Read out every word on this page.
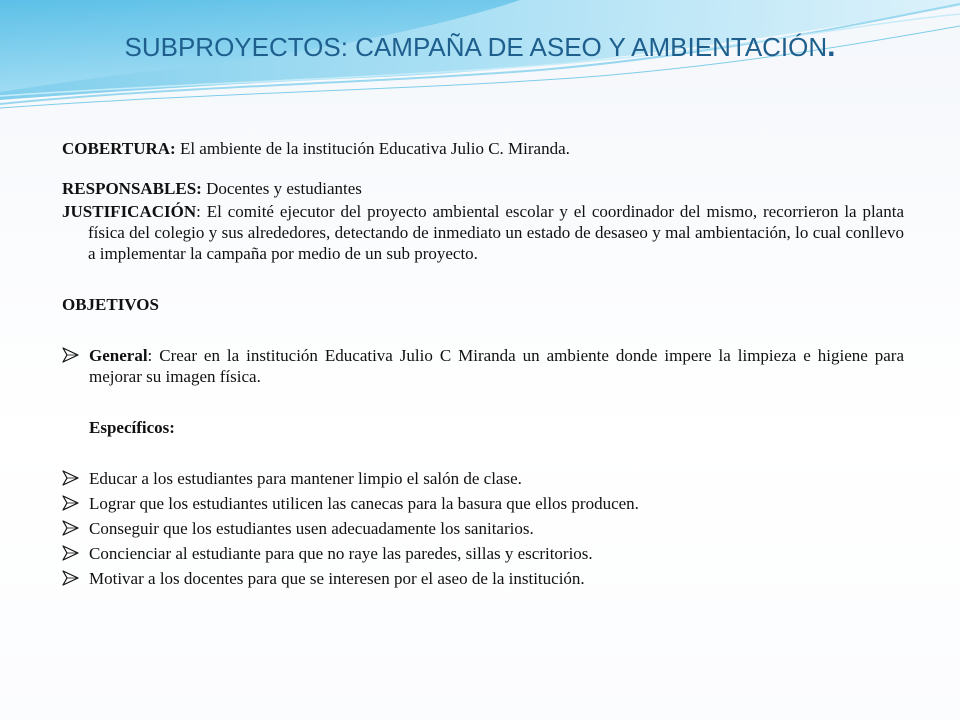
SUBPROYECTOS: CAMPAÑA DE ASEO Y AMBIENTACIÓN.

COBERTURA: El ambiente de la institución Educativa Julio C. Miranda.

RESPONSABLES: Docentes y estudiantes

JUSTIFICACIÓN: El comité ejecutor del proyecto ambiental escolar y el coordinador del mismo, recorrieron la planta física del colegio y sus alrededores, detectando de inmediato un estado de desaseo y mal ambientación, lo cual conllevo a implementar la campaña por medio de un sub proyecto.

OBJETIVOS

General: Crear en la institución Educativa Julio C Miranda un ambiente donde impere la limpieza e higiene para mejorar su imagen física.

Específicos:

Educar a los estudiantes para mantener limpio el salón de clase.
Lograr que los estudiantes utilicen las canecas para la basura que ellos producen.
Conseguir que los estudiantes usen adecuadamente los sanitarios.
Concienciar al estudiante para que no raye las paredes, sillas y escritorios.
Motivar a los docentes para que se interesen por el aseo de la institución.
